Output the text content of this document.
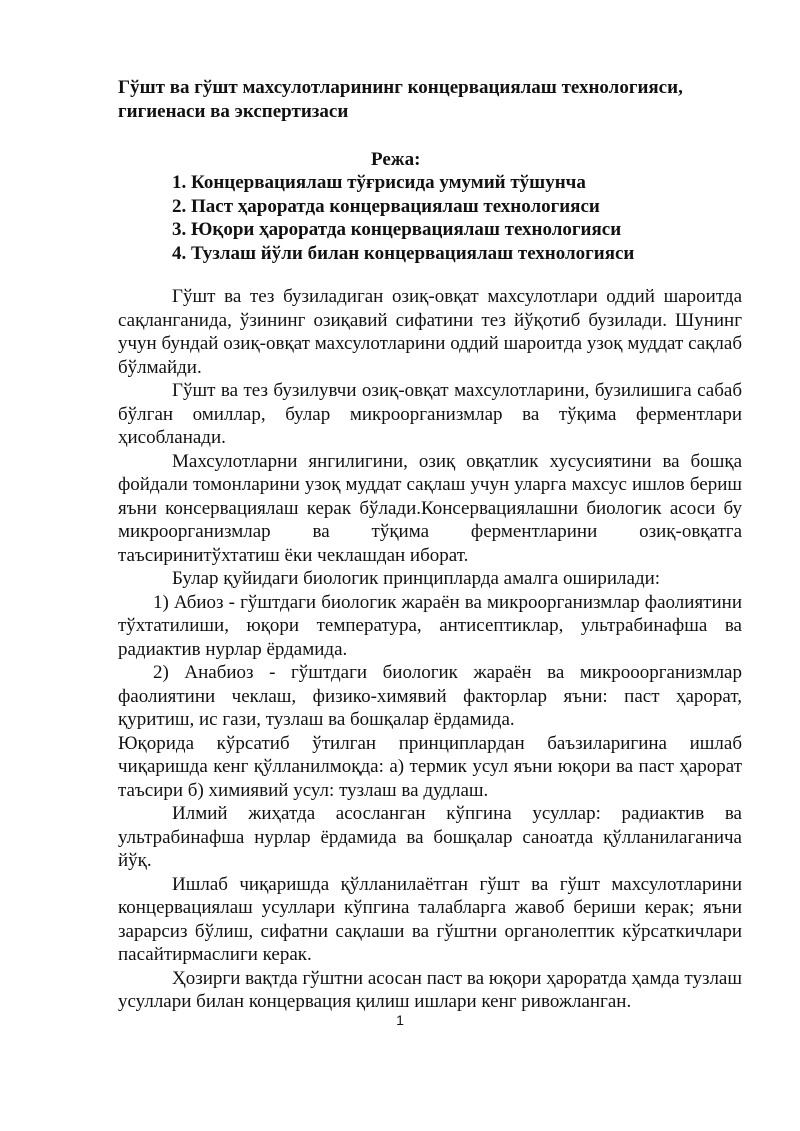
Гўшт ва гўшт махсулотларининг концервациялаш технологияси, гигиенаси ва экспертизаси
Режа:
1. Концервациялаш тўғрисида умумий тўшунча
2. Паст ҳароратда концервациялаш технологияси
3. Юқори ҳароратда концервациялаш технологияси
4. Тузлаш йўли билан концервациялаш технологияси

Гўшт ва тез бузиладиган озиқ-овқат махсулотлари оддий шароитда сақланганида, ўзининг озиқавий сифатини тез йўқотиб бузилади. Шунинг учун бундай озиқ-овқат махсулотларини оддий шароитда узоқ муддат сақлаб бўлмайди.

Гўшт ва тез бузилувчи озиқ-овқат махсулотларини, бузилишига сабаб бўлган омиллар, булар микроорганизмлар ва тўқима ферментлари ҳисобланади.

Махсулотларни янгилигини, озиқ овқатлик хусусиятини ва бошқа фойдали томонларини узоқ муддат сақлаш учун уларга махсус ишлов бериш яъни консервациялаш керак бўлади.Консервациялашни биологик асоси бу микроорганизмлар ва тўқима ферментларини озиқ-овқатга таъсиринитўхтатиш ёки чеклашдан иборат.

Булар қуйидаги биологик принципларда амалга оширилади:

1) Абиоз - гўштдаги биологик жараён ва микроорганизмлар фаолиятини тўхтатилиши, юқори температура, антисептиклар, ультрабинафша ва радиактив нурлар ёрдамида.

2) Анабиоз - гўштдаги биологик жараён ва микрооорганизмлар фаолиятини чеклаш, физико-химявий факторлар яъни: паст ҳарорат, қуритиш, ис гази, тузлаш ва бошқалар ёрдамида.

Юқорида кўрсатиб ўтилган принциплардан баъзиларигина ишлаб чиқаришда кенг қўлланилмоқда: а) термик усул яъни юқори ва паст ҳарорат таъсири б) химиявий усул: тузлаш ва дудлаш.

Илмий жиҳатда асосланган кўпгина усуллар: радиактив ва ультрабинафша нурлар ёрдамида ва бошқалар саноатда қўлланилаганича йўқ.

Ишлаб чиқаришда қўлланилаётган гўшт ва гўшт махсулотларини концервациялаш усуллари кўпгина талабларга жавоб бериши керак; яъни зарарсиз бўлиш, сифатни сақлаши ва гўштни органолептик кўрсаткичлари пасайтирмаслиги керак.

Ҳозирги вақтда гўштни асосан паст ва юқори ҳароратда ҳамда тузлаш усуллари билан концервация қилиш ишлари кенг ривожланган.

1
